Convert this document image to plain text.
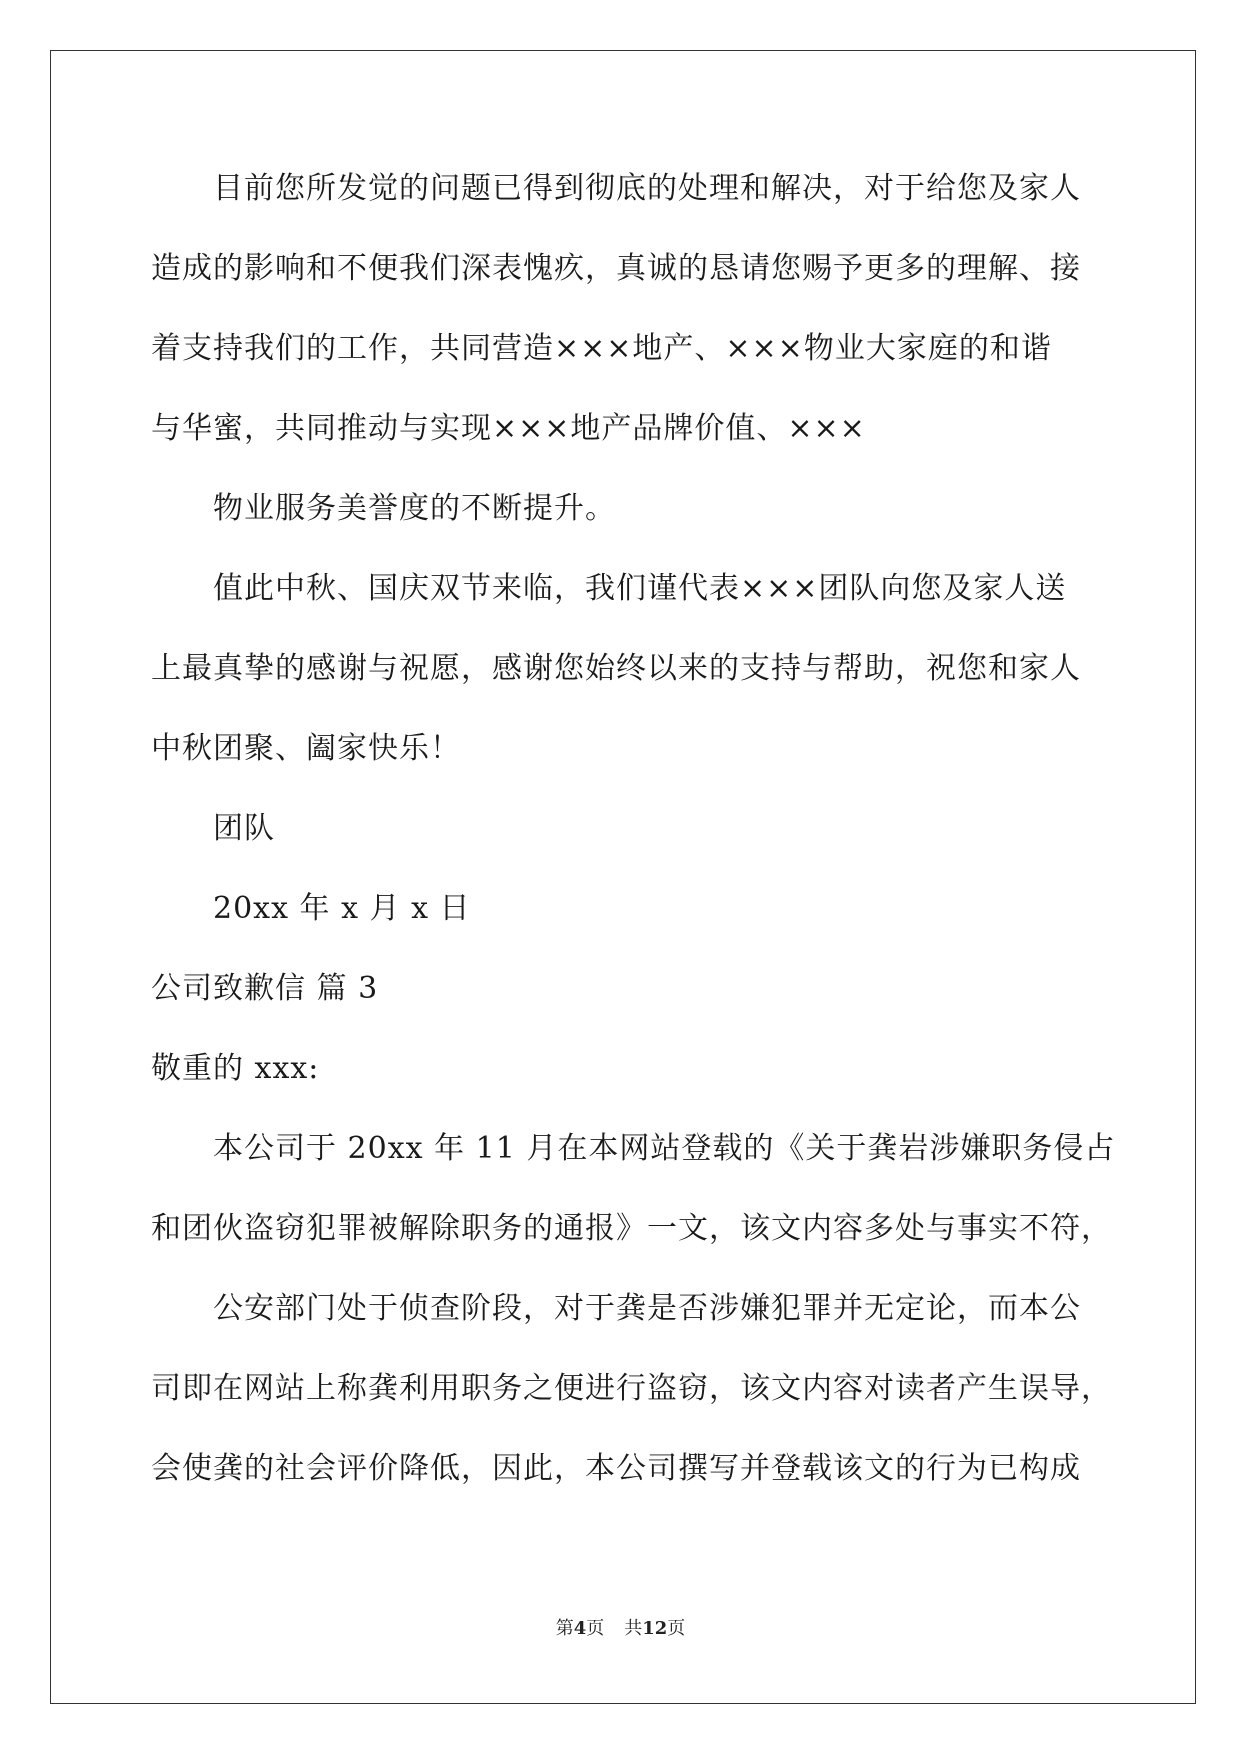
目前您所发觉的问题已得到彻底的处理和解决，对于给您及家人
造成的影响和不便我们深表愧疚，真诚的恳请您赐予更多的理解、接
着支持我们的工作，共同营造×××地产、×××物业大家庭的和谐
与华蜜，共同推动与实现×××地产品牌价值、×××
物业服务美誉度的不断提升。
值此中秋、国庆双节来临，我们谨代表×××团队向您及家人送
上最真挚的感谢与祝愿，感谢您始终以来的支持与帮助，祝您和家人
中秋团聚、阖家快乐！
团队
20xx 年 x 月 x 日
公司致歉信 篇 3
敬重的 xxx:
本公司于 20xx 年 11 月在本网站登载的《关于龚岩涉嫌职务侵占
和团伙盗窃犯罪被解除职务的通报》一文，该文内容多处与事实不符，
公安部门处于侦查阶段，对于龚是否涉嫌犯罪并无定论，而本公
司即在网站上称龚利用职务之便进行盗窃，该文内容对读者产生误导，
会使龚的社会评价降低，因此，本公司撰写并登载该文的行为已构成
第4页 共12页
